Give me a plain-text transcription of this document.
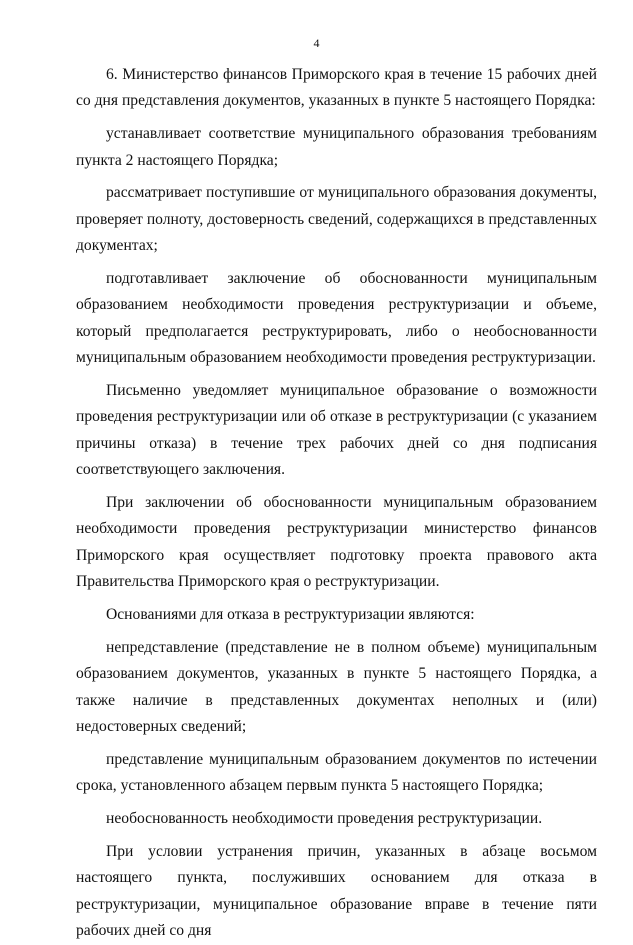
4

6. Министерство финансов Приморского края в течение 15 рабочих дней со дня представления документов, указанных в пункте 5 настоящего Порядка:

устанавливает соответствие муниципального образования требованиям пункта 2 настоящего Порядка;

рассматривает поступившие от муниципального образования документы, проверяет полноту, достоверность сведений, содержащихся в представленных документах;

подготавливает заключение об обоснованности муниципальным образованием необходимости проведения реструктуризации и объеме, который предполагается реструктурировать, либо о необоснованности муниципальным образованием необходимости проведения реструктуризации.

Письменно уведомляет муниципальное образование о возможности проведения реструктуризации или об отказе в реструктуризации (с указанием причины отказа) в течение трех рабочих дней со дня подписания соответствующего заключения.

При заключении об обоснованности муниципальным образованием необходимости проведения реструктуризации министерство финансов Приморского края осуществляет подготовку проекта правового акта Правительства Приморского края о реструктуризации.

Основаниями для отказа в реструктуризации являются:

непредставление (представление не в полном объеме) муниципальным образованием документов, указанных в пункте 5 настоящего Порядка, а также наличие в представленных документах неполных и (или) недостоверных сведений;

представление муниципальным образованием документов по истечении срока, установленного абзацем первым пункта 5 настоящего Порядка;

необоснованность необходимости проведения реструктуризации.

При условии устранения причин, указанных в абзаце восьмом настоящего пункта, послуживших основанием для отказа в реструктуризации, муниципальное образование вправе в течение пяти рабочих дней со дня
